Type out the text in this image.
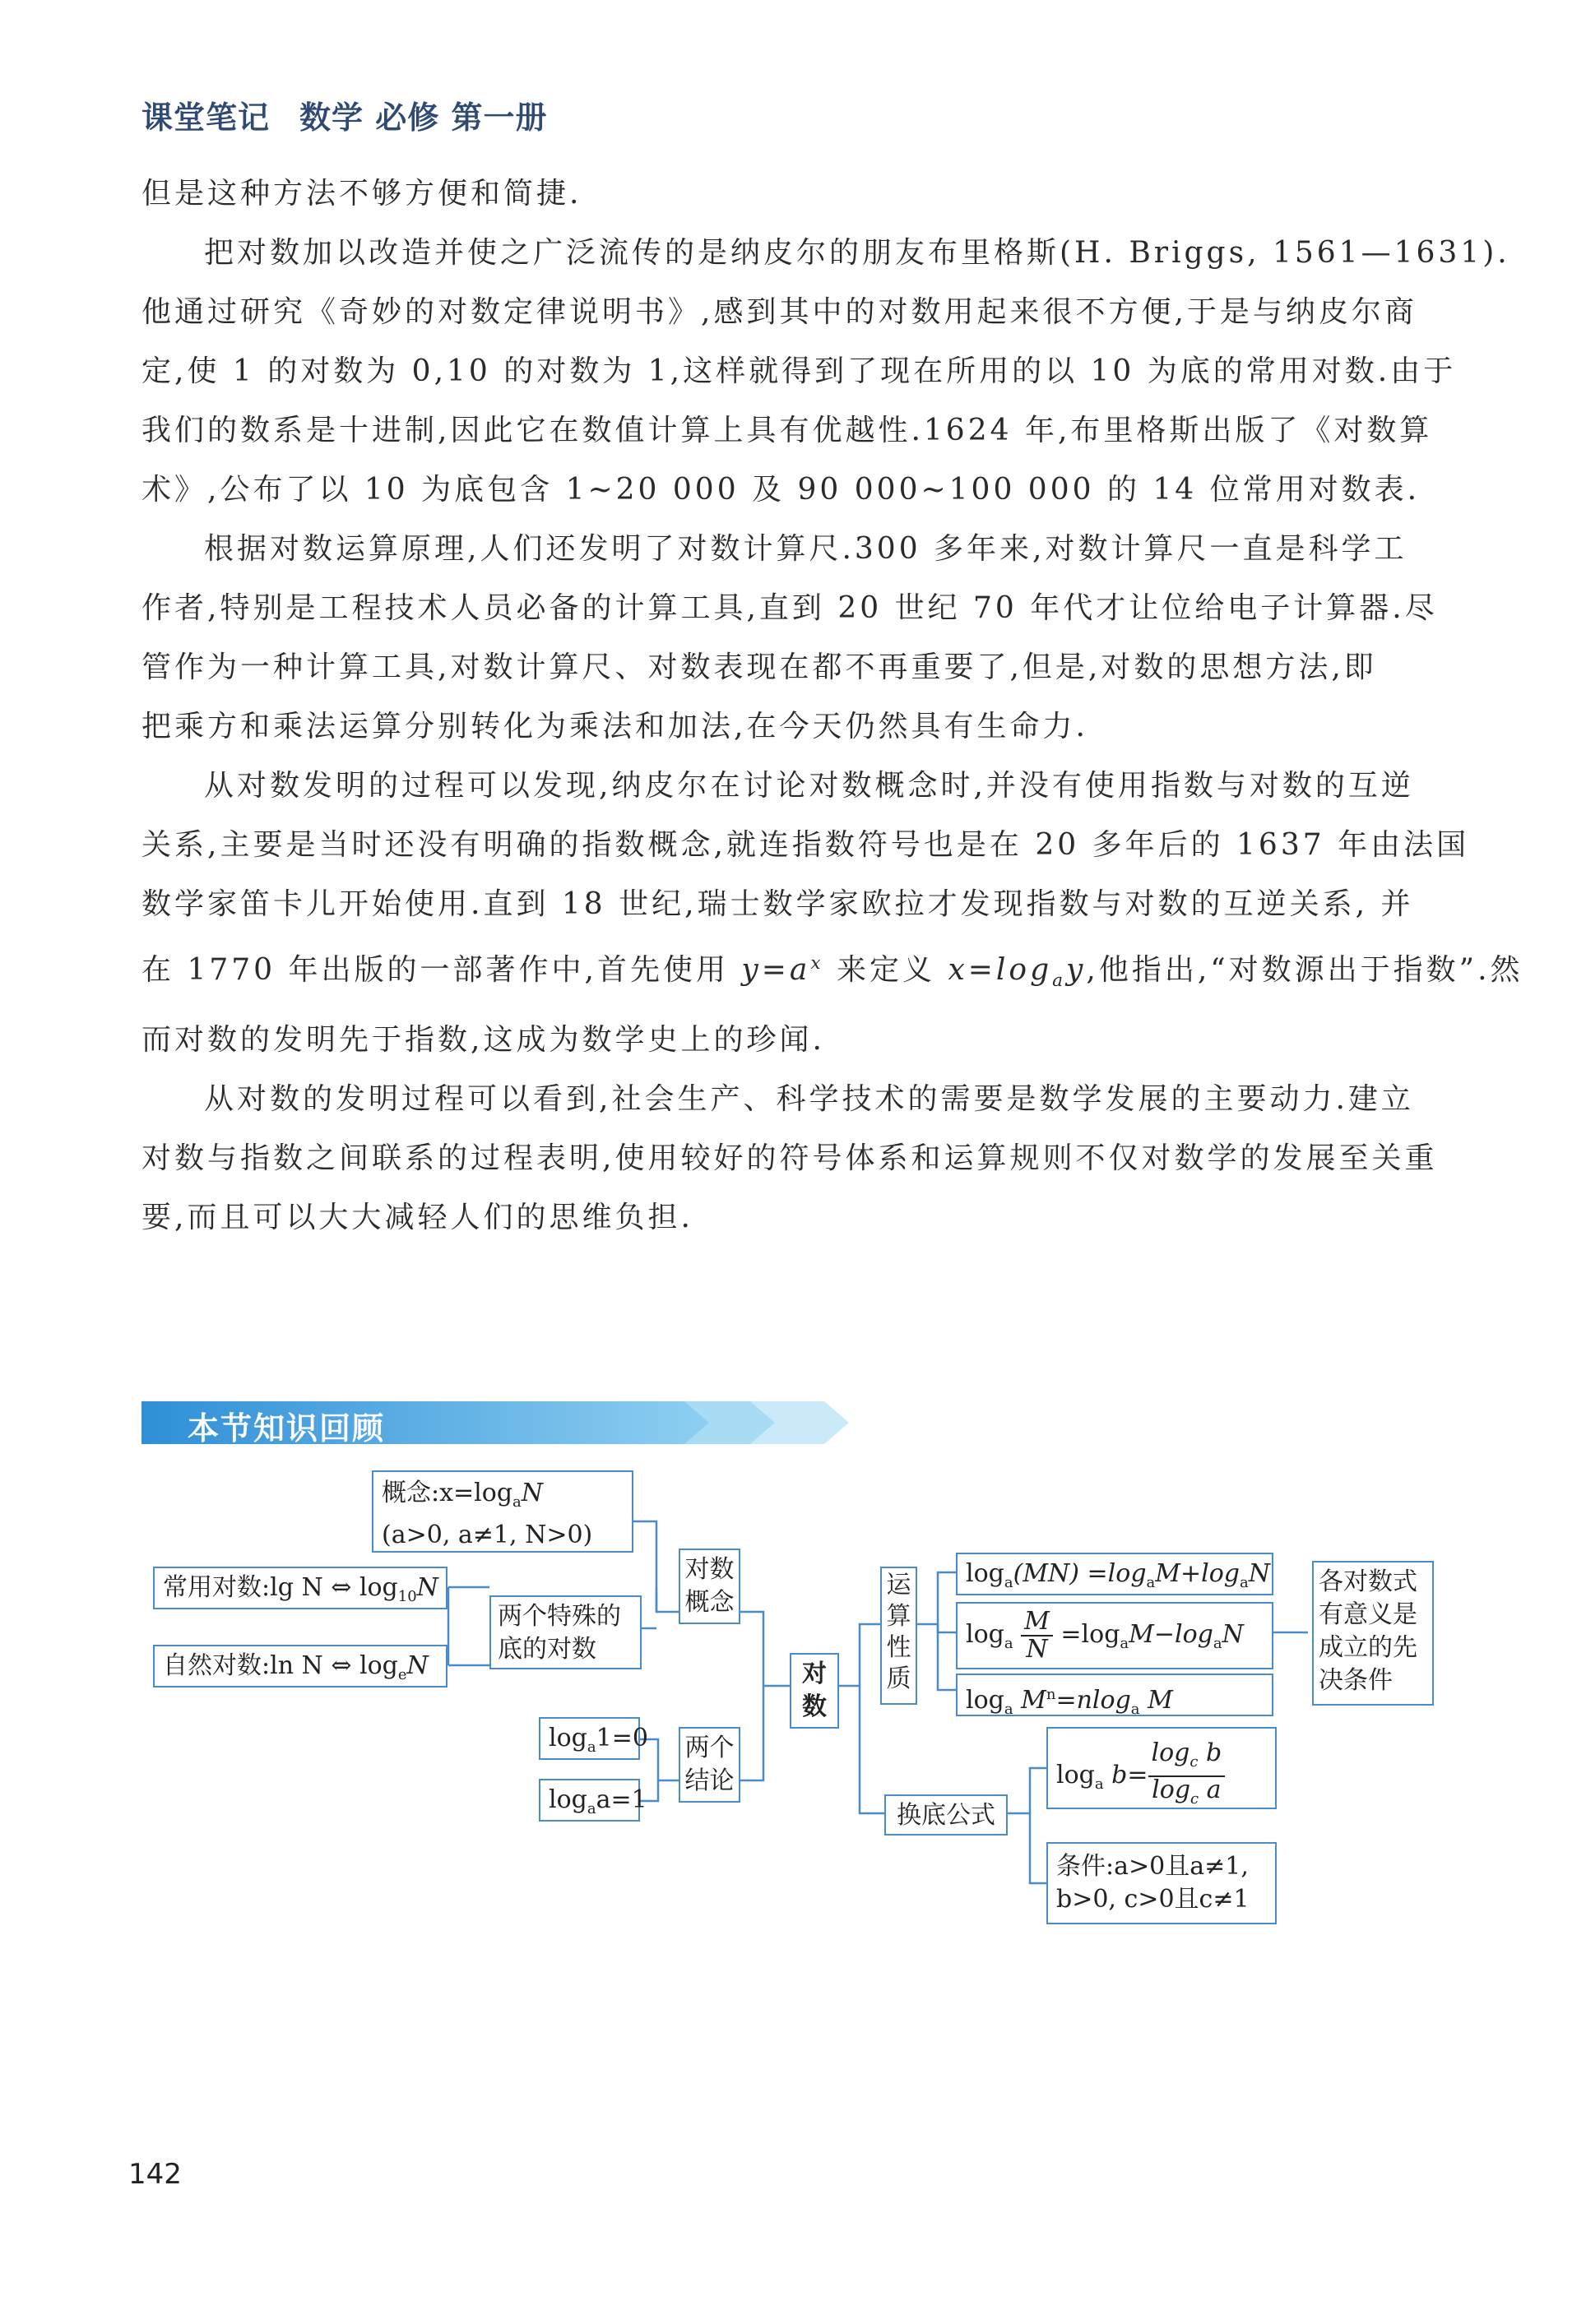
课堂笔记 数学 必修 第一册

但是这种方法不够方便和简捷.

把对数加以改造并使之广泛流传的是纳皮尔的朋友布里格斯(H. Briggs, 1561—1631).
他通过研究《奇妙的对数定律说明书》,感到其中的对数用起来很不方便,于是与纳皮尔商
定,使 1 的对数为 0,10 的对数为 1,这样就得到了现在所用的以 10 为底的常用对数.由于
我们的数系是十进制,因此它在数值计算上具有优越性.1624 年,布里格斯出版了《对数算
术》,公布了以 10 为底包含 1~20 000 及 90 000~100 000 的 14 位常用对数表.

根据对数运算原理,人们还发明了对数计算尺.300 多年来,对数计算尺一直是科学工
作者,特别是工程技术人员必备的计算工具,直到 20 世纪 70 年代才让位给电子计算器.尽
管作为一种计算工具,对数计算尺、对数表现在都不再重要了,但是,对数的思想方法,即
把乘方和乘法运算分别转化为乘法和加法,在今天仍然具有生命力.

从对数发明的过程可以发现,纳皮尔在讨论对数概念时,并没有使用指数与对数的互逆
关系,主要是当时还没有明确的指数概念,就连指数符号也是在 20 多年后的 1637 年由法国
数学家笛卡儿开始使用.直到 18 世纪,瑞士数学家欧拉才发现指数与对数的互逆关系, 并
在 1770 年出版的一部著作中,首先使用 $y=a^x$ 来定义 $x=\log_ay$,他指出,“对数源出于指数”.然
而对数的发明先于指数,这成为数学史上的珍闻.

从对数的发明过程可以看到,社会生产、科学技术的需要是数学发展的主要动力.建立
对数与指数之间联系的过程表明,使用较好的符号体系和运算规则不仅对数学的发展至关重
要,而且可以大大减轻人们的思维负担.

本节知识回顾
概念$:x=\log_aN$
(a>0, a≠1, N>0)
常用对数:lg N ⇔ $\log_{10}N$
自然对数:ln N ⇔ $\log_eN$
两个特殊的底的对数
对数概念
对数
$\log_a1=0$
$\log_aa=1$
两个结论
运算性质
$\log_a(MN) =\log_aM+\log_aN$
$\log_a \frac{M}{N} =\log_aM-\log_aN$
$\log_a M^n=nlog_a$ M
各对数式有意义是成立的先决条件
换底公式
$\log_a b= \frac{\log_c b}{\log_c a}$
条件:a>0且a≠1,
b>0, c>0且c≠1
142
